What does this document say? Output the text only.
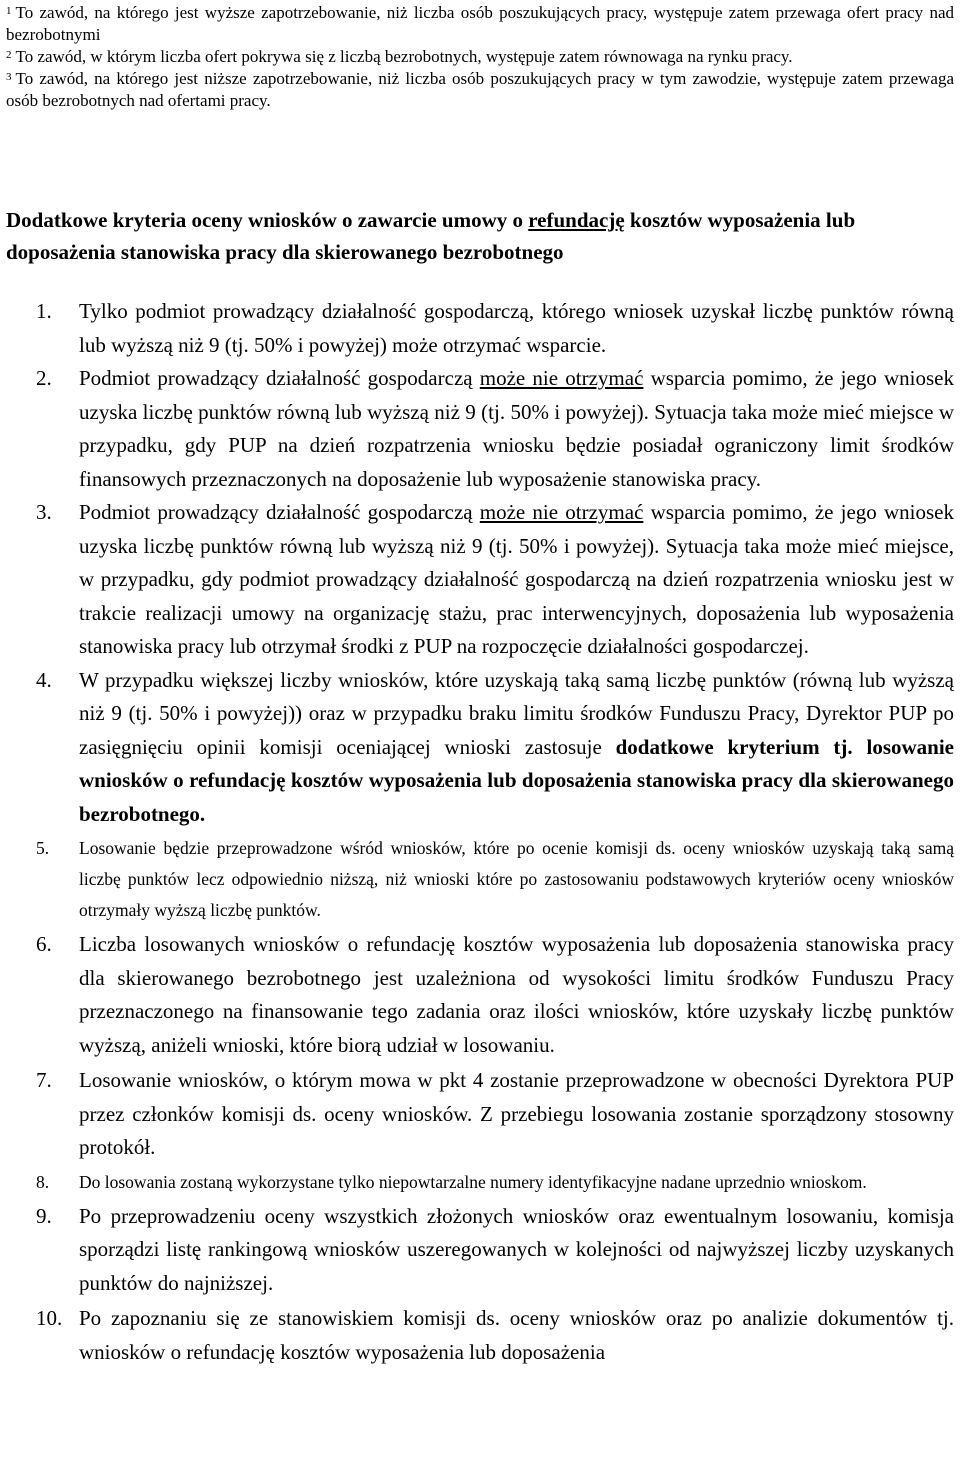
$^1$ To zawód, na którego jest wyższe zapotrzebowanie, niż liczba osób poszukujących pracy, występuje zatem przewaga ofert pracy nad bezrobotnymi
$^2$ To zawód, w którym liczba ofert pokrywa się z liczbą bezrobotnych, występuje zatem równowaga na rynku pracy.
$^3$ To zawód, na którego jest niższe zapotrzebowanie, niż liczba osób poszukujących pracy w tym zawodzie, występuje zatem przewaga osób bezrobotnych nad ofertami pracy.
Dodatkowe kryteria oceny wniosków o zawarcie umowy o refundację kosztów wyposażenia lub doposażenia stanowiska pracy dla skierowanego bezrobotnego
1. Tylko podmiot prowadzący działalność gospodarczą, którego wniosek uzyskał liczbę punktów równą lub wyższą niż 9 (tj. 50% i powyżej) może otrzymać wsparcie.
2. Podmiot prowadzący działalność gospodarczą może nie otrzymać wsparcia pomimo, że jego wniosek uzyska liczbę punktów równą lub wyższą niż 9 (tj. 50% i powyżej). Sytuacja taka może mieć miejsce w przypadku, gdy PUP na dzień rozpatrzenia wniosku będzie posiadał ograniczony limit środków finansowych przeznaczonych na doposażenie lub wyposażenie stanowiska pracy.
3. Podmiot prowadzący działalność gospodarczą może nie otrzymać wsparcia pomimo, że jego wniosek uzyska liczbę punktów równą lub wyższą niż 9 (tj. 50% i powyżej). Sytuacja taka może mieć miejsce, w przypadku, gdy podmiot prowadzący działalność gospodarczą na dzień rozpatrzenia wniosku jest w trakcie realizacji umowy na organizację stażu, prac interwencyjnych, doposażenia lub wyposażenia stanowiska pracy lub otrzymał środki z PUP na rozpoczęcie działalności gospodarczej.
4. W przypadku większej liczby wniosków, które uzyskają taką samą liczbę punktów (równą lub wyższą niż 9 (tj. 50% i powyżej)) oraz w przypadku braku limitu środków Funduszu Pracy, Dyrektor PUP po zasięgnięciu opinii komisji oceniającej wnioski zastosuje dodatkowe kryterium tj. losowanie wniosków o refundację kosztów wyposażenia lub doposażenia stanowiska pracy dla skierowanego bezrobotnego.
5. Losowanie będzie przeprowadzone wśród wniosków, które po ocenie komisji ds. oceny wniosków uzyskają taką samą liczbę punktów lecz odpowiednio niższą, niż wnioski które po zastosowaniu podstawowych kryteriów oceny wniosków otrzymały wyższą liczbę punktów.
6. Liczba losowanych wniosków o refundację kosztów wyposażenia lub doposażenia stanowiska pracy dla skierowanego bezrobotnego jest uzależniona od wysokości limitu środków Funduszu Pracy przeznaczonego na finansowanie tego zadania oraz ilości wniosków, które uzyskały liczbę punktów wyższą, aniżeli wnioski, które biorą udział w losowaniu.
7. Losowanie wniosków, o którym mowa w pkt 4 zostanie przeprowadzone w obecności Dyrektora PUP przez członków komisji ds. oceny wniosków. Z przebiegu losowania zostanie sporządzony stosowny protokół.
8. Do losowania zostaną wykorzystane tylko niepowtarzalne numery identyfikacyjne nadane uprzednio wnioskom.
9. Po przeprowadzeniu oceny wszystkich złożonych wniosków oraz ewentualnym losowaniu, komisja sporządzi listę rankingową wniosków uszeregowanych w kolejności od najwyższej liczby uzyskanych punktów do najniższej.
10. Po zapoznaniu się ze stanowiskiem komisji ds. oceny wniosków oraz po analizie dokumentów tj. wniosków o refundację kosztów wyposażenia lub doposażenia
